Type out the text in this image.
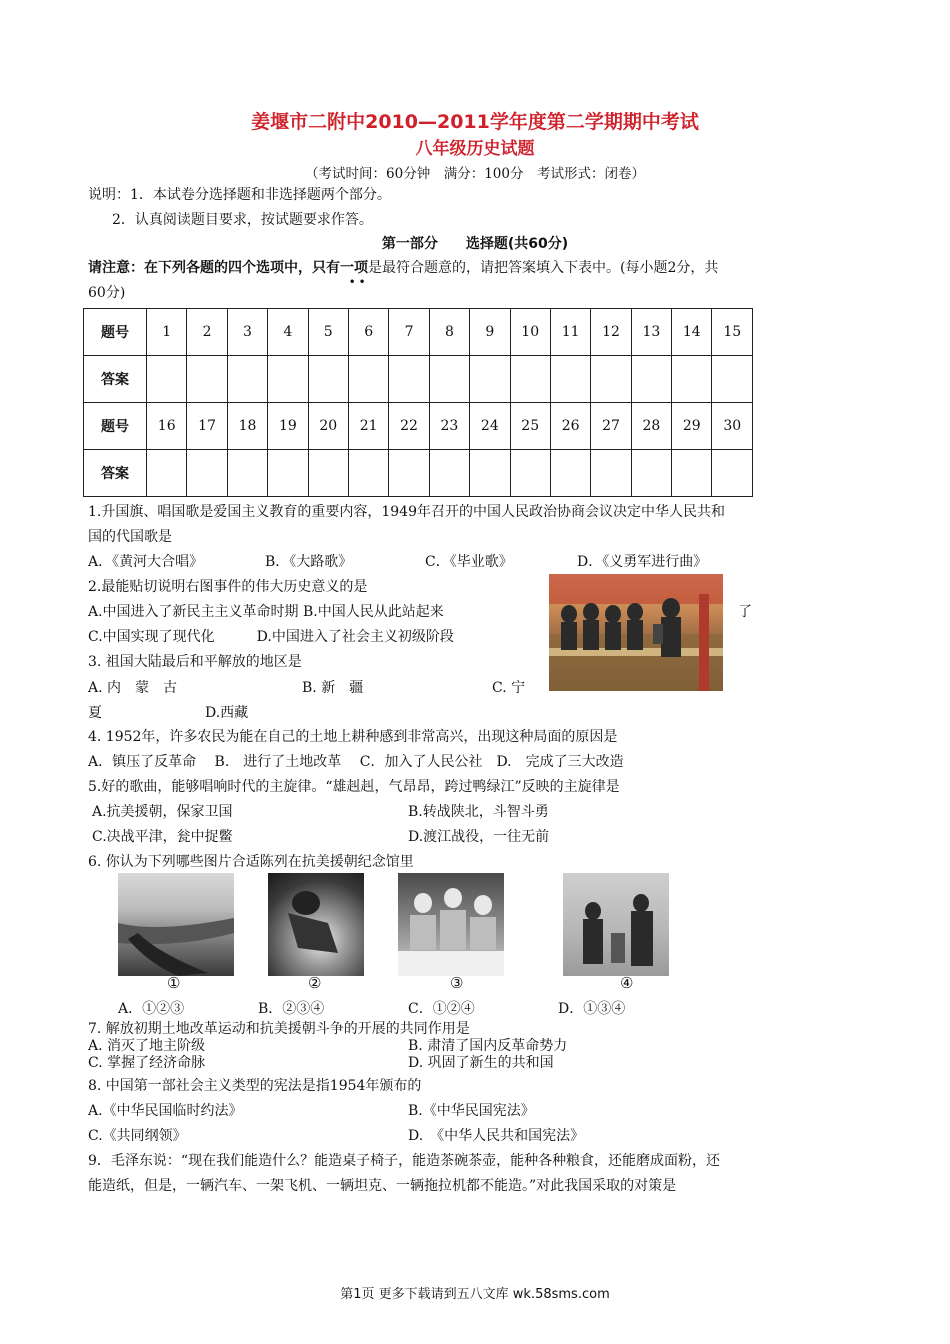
姜堰市二附中2010—2011学年度第二学期期中考试
八年级历史试题
（考试时间：60分钟　满分：100分　考试形式：闭卷）
说明：1．本试卷分选择题和非选择题两个部分。
2．认真阅读题目要求，按试题要求作答。
第一部分　　选择题(共60分)
请注意：在下列各题的四个选项中，只有一项
• •
是最符合题意的，请把答案填入下表中。(每小题2分，共
60分)
题号	1	2	3	4	5	6	7	8	9	10	11	12	13	14	15
答案															
题号	16	17	18	19	20	21	22	23	24	25	26	27	28	29	30
答案															
1.升国旗、唱国歌是爱国主义教育的重要内容，1949年召开的中国人民政治协商会议决定中华人民共和
国的代国歌是
A．《黄河大合唱》	B．《大路歌》	C．《毕业歌》	D．《义勇军进行曲》
2.最能贴切说明右图事件的伟大历史意义的是
A.中国进入了新民主主义革命时期 B.中国人民从此站起来	了
C.中国实现了现代化　　　D.中国进入了社会主义初级阶段
3. 祖国大陆最后和平解放的地区是
A. 内　蒙　古	B. 新　疆	C. 宁
夏	D.西藏
4. 1952年，许多农民为能在自己的土地上耕种感到非常高兴，出现这种局面的原因是
A．镇压了反革命　 B.　进行了土地改革　 C．加入了人民公社　D.　完成了三大改造
5.好的歌曲，能够唱响时代的主旋律。“雄赳赳，气昂昂，跨过鸭绿江”反映的主旋律是
A.抗美援朝，保家卫国	B.转战陕北，斗智斗勇
C.决战平津，瓮中捉鳖	D.渡江战役，一往无前
6. 你认为下列哪些图片合适陈列在抗美援朝纪念馆里
①	②	③	④
A．①②③	B．②③④	C．①②④	D．①③④
7. 解放初期土地改革运动和抗美援朝斗争的开展的共同作用是
A. 消灭了地主阶级	B. 肃清了国内反革命势力
C. 掌握了经济命脉	D. 巩固了新生的共和国
8. 中国第一部社会主义类型的宪法是指1954年颁布的
A.《中华民国临时约法》	B.《中华民国宪法》
C.《共同纲领》	D.　《中华人民共和国宪法》
9．毛泽东说：“现在我们能造什么？能造桌子椅子，能造茶碗茶壶，能种各种粮食，还能磨成面粉，还
能造纸，但是，一辆汽车、一架飞机、一辆坦克、一辆拖拉机都不能造。”对此我国采取的对策是
第1页 更多下载请到五八文库 wk.58sms.com
